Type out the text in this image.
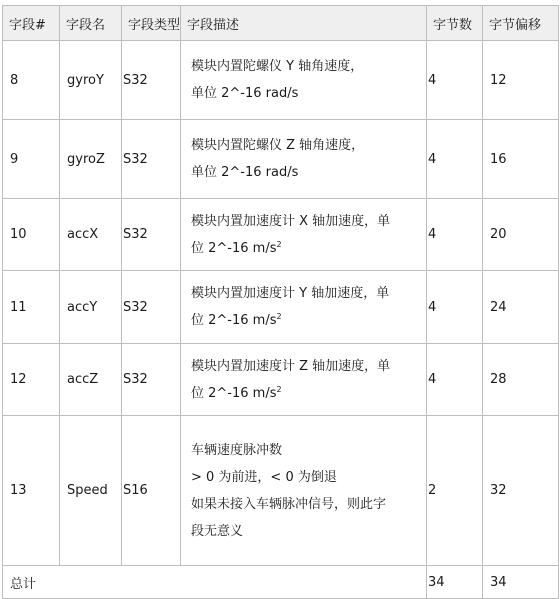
字段#	字段名	字段类型	字段描述	字节数	字节偏移
8	gyroY	S32	模块内置陀螺仪 Y 轴角速度，
单位 2^-16 rad/s	4	12
9	gyroZ	S32	模块内置陀螺仪 Z 轴角速度，
单位 2^-16 rad/s	4	16
10	accX	S32	模块内置加速度计 X 轴加速度，单
位 2^-16 $m/s^2$	4	20
11	accY	S32	模块内置加速度计 Y 轴加速度，单
位 2^-16 $m/s^2$	4	24
12	accZ	S32	模块内置加速度计 Z 轴加速度，单
位 2^-16 $m/s^2$	4	28
13	Speed	S16	车辆速度脉冲数
> 0 为前进，< 0 为倒退
如果未接入车辆脉冲信号，则此字
段无意义	2	32
总计				34	34
